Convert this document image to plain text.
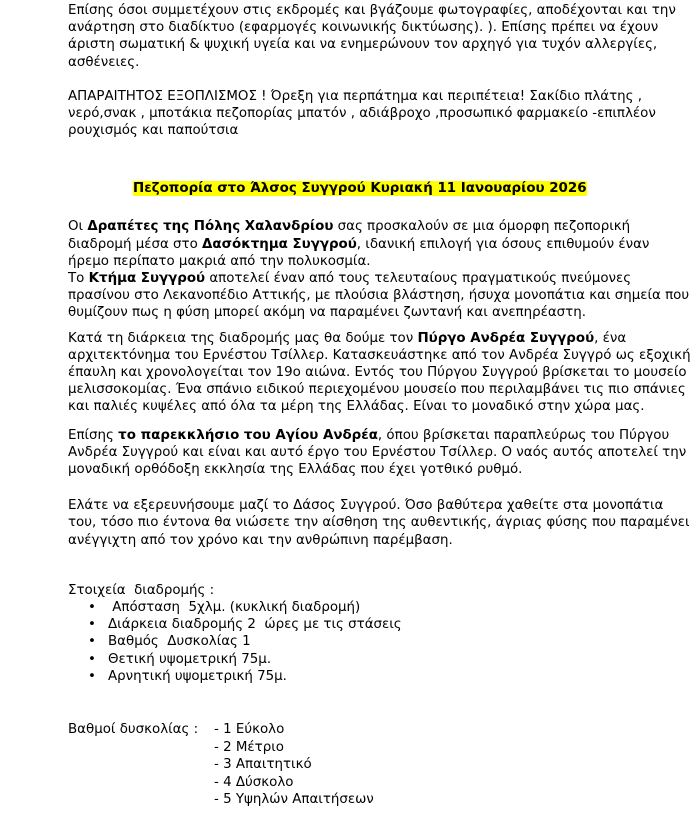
Επίσης όσοι συμμετέχουν στις εκδρομές και βγάζουμε φωτογραφίες, αποδέχονται και την ανάρτηση στο διαδίκτυο (εφαρμογές κοινωνικής δικτύωσης). ). Επίσης πρέπει να έχουν άριστη σωματική & ψυχική υγεία και να ενημερώνουν τον αρχηγό για τυχόν αλλεργίες, ασθένειες.

ΑΠΑΡΑΙΤΗΤΟΣ ΕΞΟΠΛΙΣΜΟΣ ! Όρεξη για περπάτημα και περιπέτεια! Σακίδιο πλάτης , νερό,σνακ , μποτάκια πεζοπορίας μπατόν , αδιάβροχο ,προσωπικό φαρμακείο -επιπλέον ρουχισμός και παπούτσια

Πεζοπορία στο Άλσος Συγγρού Κυριακή 11 Ιανουαρίου 2026

Οι Δραπέτες της Πόλης Χαλανδρίου σας προσκαλούν σε μια όμορφη πεζοπορική διαδρομή μέσα στο Δασόκτημα Συγγρού, ιδανική επιλογή για όσους επιθυμούν έναν ήρεμο περίπατο μακριά από την πολυκοσμία.

Το Κτήμα Συγγρού αποτελεί έναν από τους τελευταίους πραγματικούς πνεύμονες πρασίνου στο Λεκανοπέδιο Αττικής, με πλούσια βλάστηση, ήσυχα μονοπάτια και σημεία που θυμίζουν πως η φύση μπορεί ακόμη να παραμένει ζωντανή και ανεπηρέαστη.

Κατά τη διάρκεια της διαδρομής μας θα δούμε τον Πύργο Ανδρέα Συγγρού, ένα αρχιτεκτόνημα του Ερνέστου Τσίλλερ. Κατασκευάστηκε από τον Ανδρέα Συγγρό ως εξοχική έπαυλη και χρονολογείται τον 19ο αιώνα. Εντός του Πύργου Συγγρού βρίσκεται το μουσείο μελισσοκομίας. Ένα σπάνιο ειδικού περιεχομένου μουσείο που περιλαμβάνει τις πιο σπάνιες και παλιές κυψέλες από όλα τα μέρη της Ελλάδας. Είναι το μοναδικό στην χώρα μας.

Επίσης το παρεκκλήσιο του Αγίου Ανδρέα, όπου βρίσκεται παραπλεύρως του Πύργου Ανδρέα Συγγρού και είναι και αυτό έργο του Ερνέστου Τσίλλερ. Ο ναός αυτός αποτελεί την μοναδική ορθόδοξη εκκλησία της Ελλάδας που έχει γοτθικό ρυθμό.

Ελάτε να εξερευνήσουμε μαζί το Δάσος Συγγρού. Όσο βαθύτερα χαθείτε στα μονοπάτια του, τόσο πιο έντονα θα νιώσετε την αίσθηση της αυθεντικής, άγριας φύσης που παραμένει ανέγγιχτη από τον χρόνο και την ανθρώπινη παρέμβαση.

Στοιχεία  διαδρομής :

• Απόσταση  5χλμ. (κυκλική διαδρομή)
• Διάρκεια διαδρομής 2  ώρες με τις στάσεις
• Βαθμός  Δυσκολίας 1
• Θετική υψομετρική 75μ.
• Αρνητική υψομετρική 75μ.
Βαθμοί δυσκολίας : - 1 Εύκολο
- 2 Μέτριο
- 3 Απαιτητικό
- 4 Δύσκολο
- 5 Υψηλών Απαιτήσεων
